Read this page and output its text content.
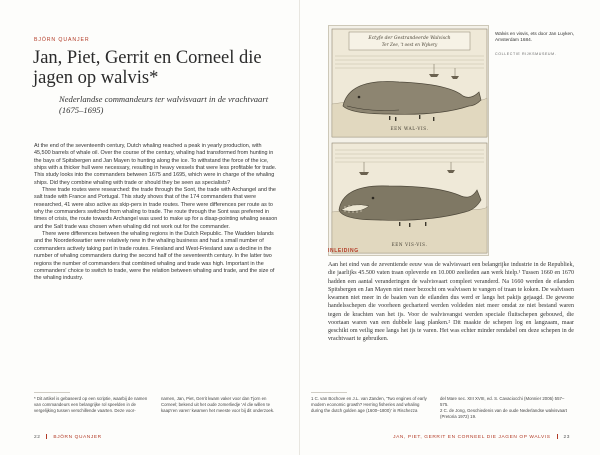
BJÖRN QUANJER
Jan, Piet, Gerrit en Corneel die jagen op walvis*
Nederlandse commandeurs ter walvisvaart in de vrachtvaart (1675–1695)

At the end of the seventeenth century, Dutch whaling reached a peak in yearly production, with 45,500 barrels of whale oil. Over the course of the century, whaling had transformed from hunting in the bays of Spitsbergen and Jan Mayen to hunting along the ice. To withstand the force of the ice, ships with a thicker hull were necessary, resulting in heavy vessels that were less profitable for trade. This study looks into the commanders between 1675 and 1695, which were in charge of the whaling ships. Did they combine whaling with trade or should they be seen as specialists?

Three trade routes were researched: the trade through the Sont, the trade with Archangel and the salt trade with France and Portugal. This study shows that of the 174 commanders that were researched, 41 were also active as skip-pers in trade routes. There were differences per route as to why the commanders switched from whaling to trade. The route through the Sont was preferred in times of crisis, the route towards Archangel was used to make up for a disap-pointing whaling season and the Salt trade was chosen when whaling did not work out for the commander.

There were differences between the whaling regions in the Dutch Republic. The Wadden Islands and the Noorderkwartier were relatively new in the whaling business and had a small number of commanders actively taking part in trade routes. Friesland and West-Friesland saw a decline in the number of whaling commanders during the second half of the seventeenth century. In the latter two regions the number of commanders that combined whaling and trade was high. Important in the commanders' choice to switch to trade, were the relation between whaling and trade, and the size of the whaling industry.

* Dit artikel is gebaseerd op een scriptie, waarbij de namen van commandeurs een belangrijke rol speelden in de vergelijking tussen verschillende vaarten. Deze voor-
namen, Jan, Piet, Gerrit kwam vaker voor dan Tjorn en Corneel; bekend uit het oude zomerliedje 'Al die willen te kaap'ren varen' kwamen het meeste voor bij dit onderzoek.
22	BJÖRN QUANJER
Ectyfe der Gestrandeerde Walvisch
Ter Zee, 't oest en Wykery
EEN WAL-VIS.
EEN VIS-VIS.
Walvis en visvis, ets door Jan Luyken, Amsterdam 1684.
COLLECTIE RIJKSMUSEUM.
INLEIDING
Aan het eind van de zeventiende eeuw was de walvisvaart een belangrijke industrie in de Republiek, die jaarlijks 45.500 vaten traan opleverde en 10.000 zeelieden aan werk hielp.¹ Tussen 1660 en 1670 hadden een aantal veranderingen de walvisvaart compleet veranderd. Na 1660 werden de eilanden Spitsbergen en Jan Mayen niet meer bezocht om walvissen te vangen of traan te koken. De walvissen kwamen niet meer in de baaien van de eilanden dus werd er langs het pakijs gejaagd. De gewone handelsschepen die voorheen gecharterd werden voldeden niet meer omdat ze niet bestand waren tegen de krachten van het ijs. Voor de walvisvangst werden speciale fluitschepen gebouwd, die voortaan waren van een dubbele laag planken.² Dit maakte de schepen log en langzaam, maar geschikt om veilig mee langs het ijs te varen. Het was echter minder rendabel om deze schepen in de vrachtvaart te gebruiken.
1 C. van Bochove en J.L. van Zanden, 'Two engines of early modern economic growth? Herring fisheries and whaling during the dutch golden age (1600–1800)' in Rischezza
del Mare sec. XIII XVIII, ed. S. Cavaciocchi (Monnier 2006) 557–575.
2 C. de Jong, Geschiedenis van de oude Nederlandse walvisvaart (Pretoria 1972) 19.
JAN, PIET, GERRIT EN CORNEEL DIE JAGEN OP WALVIS	23
